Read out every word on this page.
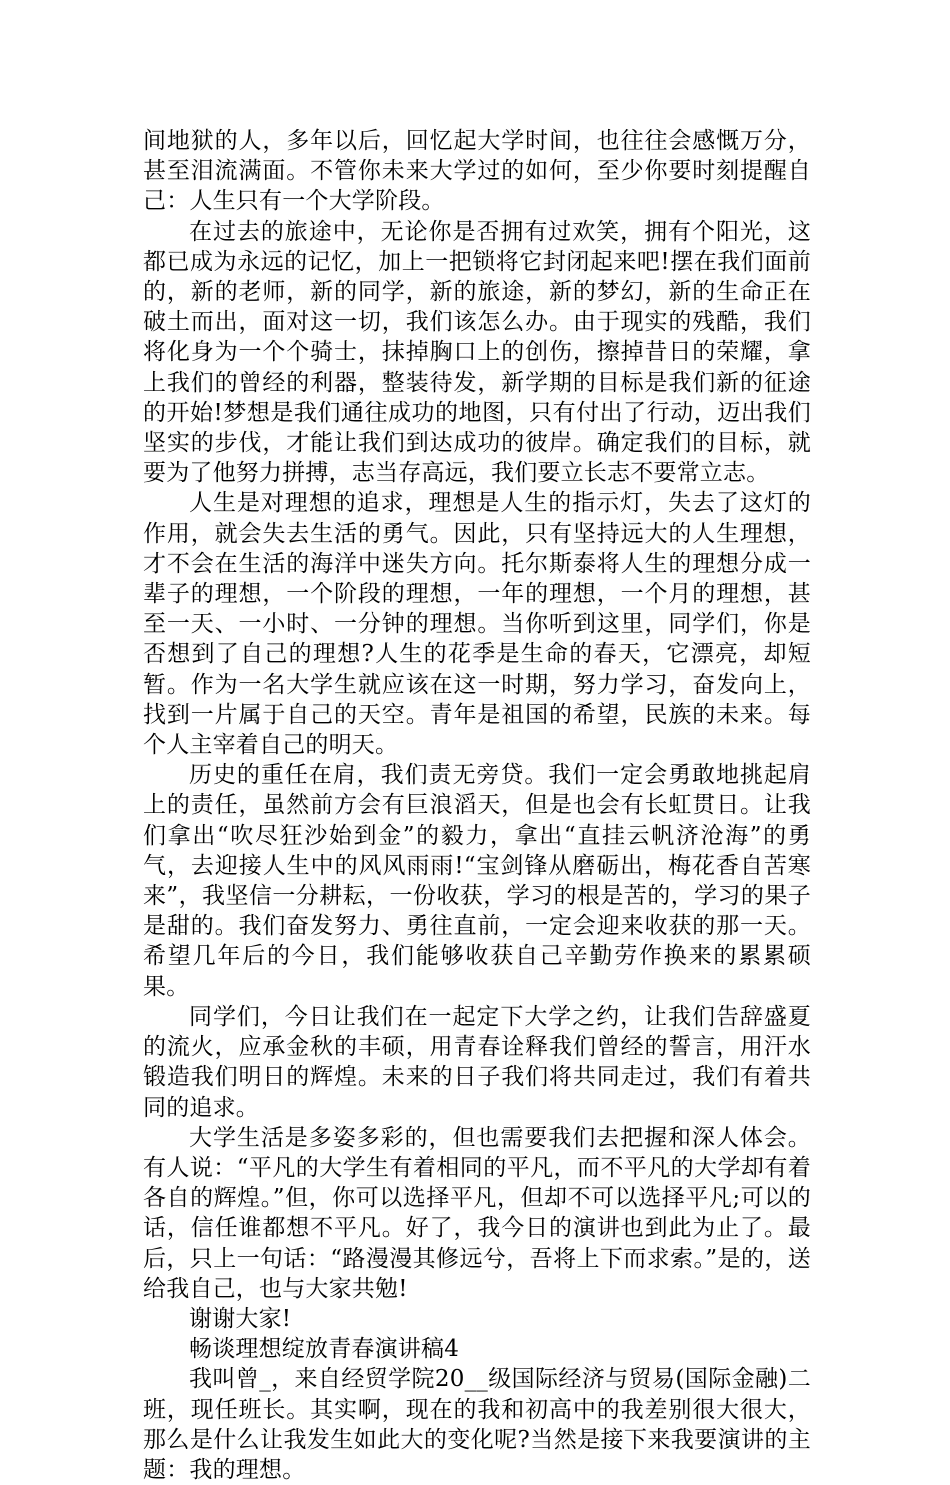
间地狱的人，多年以后，回忆起大学时间，也往往会感慨万分，甚至泪流满面。不管你未来大学过的如何，至少你要时刻提醒自己：人生只有一个大学阶段。

在过去的旅途中，无论你是否拥有过欢笑，拥有个阳光，这都已成为永远的记忆，加上一把锁将它封闭起来吧!摆在我们面前的，新的老师，新的同学，新的旅途，新的梦幻，新的生命正在破土而出，面对这一切，我们该怎么办。由于现实的残酷，我们将化身为一个个骑士，抹掉胸口上的创伤，擦掉昔日的荣耀，拿上我们的曾经的利器，整装待发，新学期的目标是我们新的征途的开始!梦想是我们通往成功的地图，只有付出了行动，迈出我们坚实的步伐，才能让我们到达成功的彼岸。确定我们的目标，就要为了他努力拼搏，志当存高远，我们要立长志不要常立志。

人生是对理想的追求，理想是人生的指示灯，失去了这灯的作用，就会失去生活的勇气。因此，只有坚持远大的人生理想，才不会在生活的海洋中迷失方向。托尔斯泰将人生的理想分成一辈子的理想，一个阶段的理想，一年的理想，一个月的理想，甚至一天、一小时、一分钟的理想。当你听到这里，同学们，你是否想到了自己的理想?人生的花季是生命的春天，它漂亮，却短暂。作为一名大学生就应该在这一时期，努力学习，奋发向上，找到一片属于自己的天空。青年是祖国的希望，民族的未来。每个人主宰着自己的明天。

历史的重任在肩，我们责无旁贷。我们一定会勇敢地挑起肩上的责任，虽然前方会有巨浪滔天，但是也会有长虹贯日。让我们拿出“吹尽狂沙始到金”的毅力，拿出“直挂云帆济沧海”的勇气，去迎接人生中的风风雨雨!“宝剑锋从磨砺出，梅花香自苦寒来”，我坚信一分耕耘，一份收获，学习的根是苦的，学习的果子是甜的。我们奋发努力、勇往直前，一定会迎来收获的那一天。希望几年后的今日，我们能够收获自己辛勤劳作换来的累累硕果。

同学们，今日让我们在一起定下大学之约，让我们告辞盛夏的流火，应承金秋的丰硕，用青春诠释我们曾经的誓言，用汗水锻造我们明日的辉煌。未来的日子我们将共同走过，我们有着共同的追求。

大学生活是多姿多彩的，但也需要我们去把握和深人体会。有人说：“平凡的大学生有着相同的平凡，而不平凡的大学却有着各自的辉煌。”但，你可以选择平凡，但却不可以选择平凡;可以的话，信任谁都想不平凡。好了，我今日的演讲也到此为止了。最后，只上一句话：“路漫漫其修远兮，吾将上下而求索。”是的，送给我自己，也与大家共勉!

谢谢大家!

畅谈理想绽放青春演讲稿4

我叫曾_，来自经贸学院20__级国际经济与贸易(国际金融)二班，现任班长。其实啊，现在的我和初高中的我差别很大很大，那么是什么让我发生如此大的变化呢?当然是接下来我要演讲的主题：我的理想。
